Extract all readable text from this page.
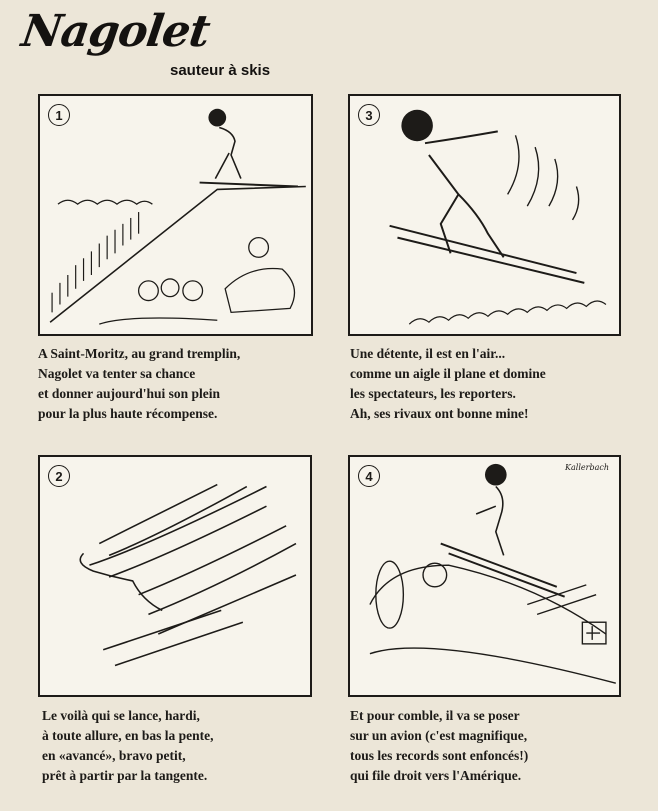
Nagolet
sauteur à skis
1	3
2	4
Kallerbach
A Saint-Moritz, au grand tremplin,
Nagolet va tenter sa chance
et donner aujourd'hui son plein
pour la plus haute récompense.
Une détente, il est en l'air...
comme un aigle il plane et domine
les spectateurs, les reporters.
Ah, ses rivaux ont bonne mine!
Le voilà qui se lance, hardi,
à toute allure, en bas la pente,
en «avancé», bravo petit,
prêt à partir par la tangente.
Et pour comble, il va se poser
sur un avion (c'est magnifique,
tous les records sont enfoncés!)
qui file droit vers l'Amérique.
